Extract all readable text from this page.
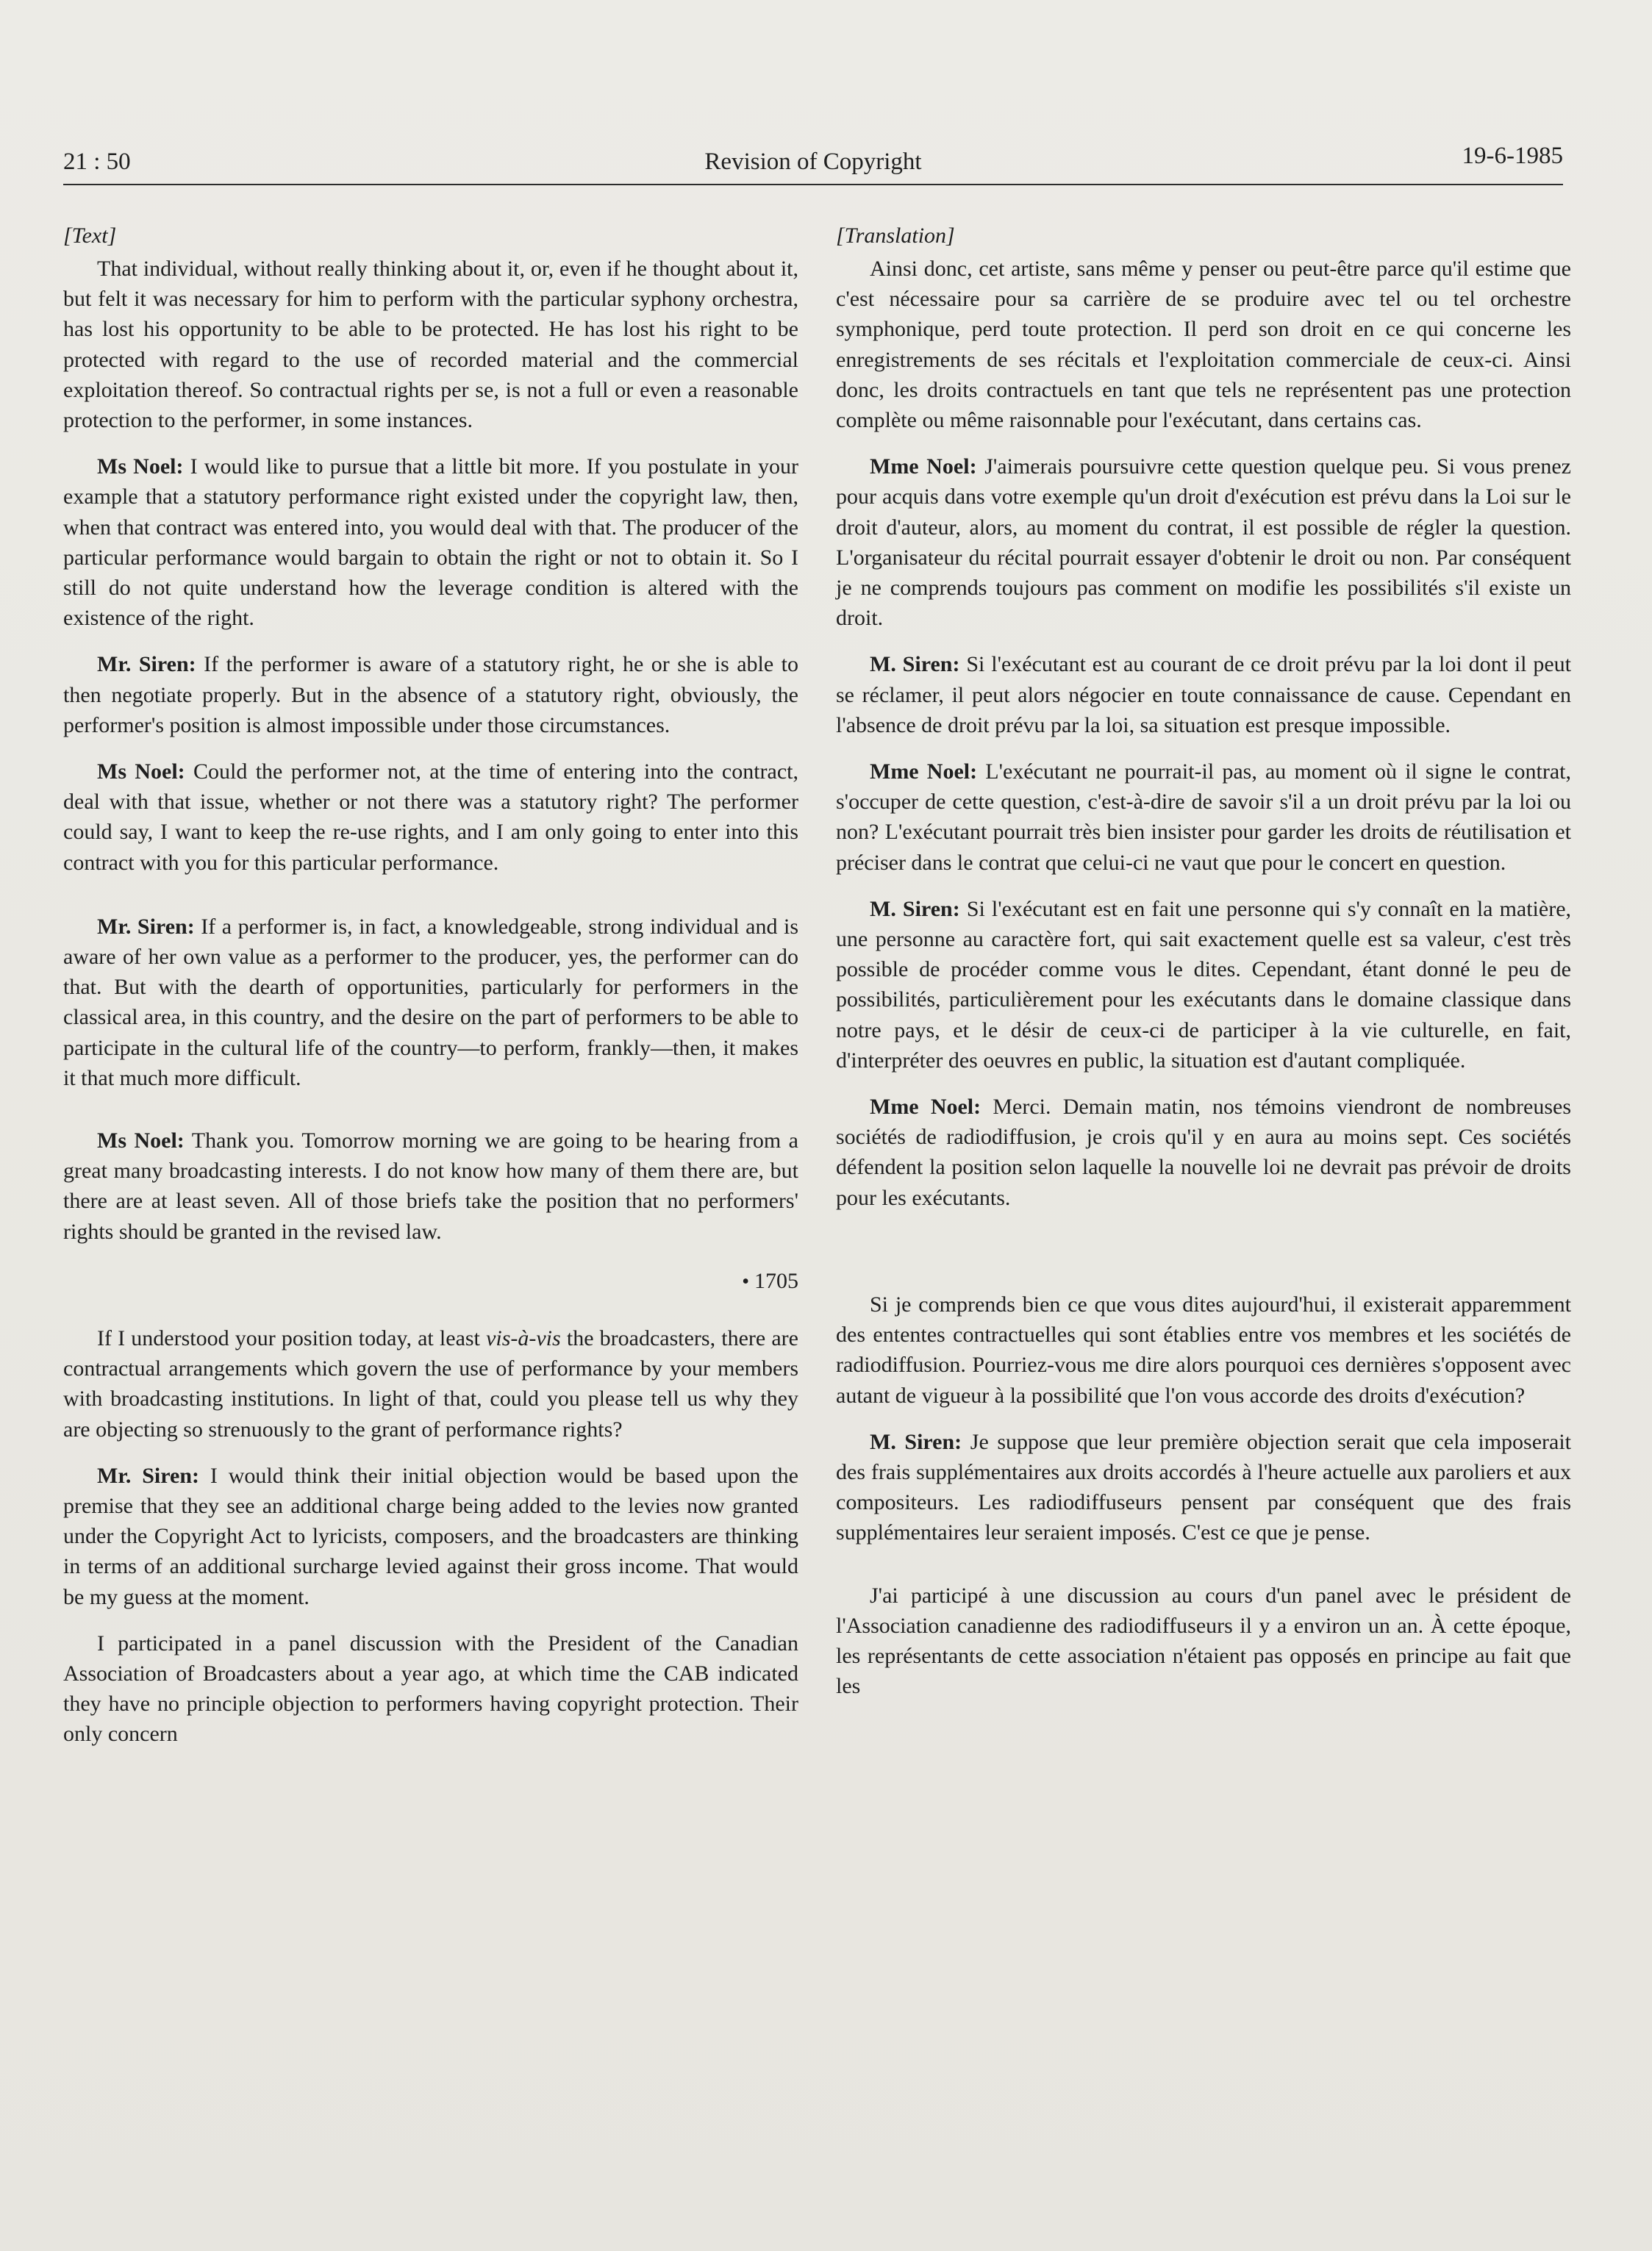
21 : 50	Revision of Copyright	19-6-1985
[Text]

That individual, without really thinking about it, or, even if he thought about it, but felt it was necessary for him to perform with the particular syphony orchestra, has lost his opportunity to be able to be protected. He has lost his right to be protected with regard to the use of recorded material and the commercial exploitation thereof. So contractual rights per se, is not a full or even a reasonable protection to the performer, in some instances.

Ms Noel: I would like to pursue that a little bit more. If you postulate in your example that a statutory performance right existed under the copyright law, then, when that contract was entered into, you would deal with that. The producer of the particular performance would bargain to obtain the right or not to obtain it. So I still do not quite understand how the leverage condition is altered with the existence of the right.

Mr. Siren: If the performer is aware of a statutory right, he or she is able to then negotiate properly. But in the absence of a statutory right, obviously, the performer's position is almost impossible under those circumstances.

Ms Noel: Could the performer not, at the time of entering into the contract, deal with that issue, whether or not there was a statutory right? The performer could say, I want to keep the re-use rights, and I am only going to enter into this contract with you for this particular performance.

Mr. Siren: If a performer is, in fact, a knowledgeable, strong individual and is aware of her own value as a performer to the producer, yes, the performer can do that. But with the dearth of opportunities, particularly for performers in the classical area, in this country, and the desire on the part of performers to be able to participate in the cultural life of the country—to perform, frankly—then, it makes it that much more difficult.

Ms Noel: Thank you. Tomorrow morning we are going to be hearing from a great many broadcasting interests. I do not know how many of them there are, but there are at least seven. All of those briefs take the position that no performers' rights should be granted in the revised law.

• 1705

If I understood your position today, at least vis-à-vis the broadcasters, there are contractual arrangements which govern the use of performance by your members with broadcasting institutions. In light of that, could you please tell us why they are objecting so strenuously to the grant of performance rights?

Mr. Siren: I would think their initial objection would be based upon the premise that they see an additional charge being added to the levies now granted under the Copyright Act to lyricists, composers, and the broadcasters are thinking in terms of an additional surcharge levied against their gross income. That would be my guess at the moment.

I participated in a panel discussion with the President of the Canadian Association of Broadcasters about a year ago, at which time the CAB indicated they have no principle objection to performers having copyright protection. Their only concern

[Translation]

Ainsi donc, cet artiste, sans même y penser ou peut-être parce qu'il estime que c'est nécessaire pour sa carrière de se produire avec tel ou tel orchestre symphonique, perd toute protection. Il perd son droit en ce qui concerne les enregistrements de ses récitals et l'exploitation commerciale de ceux-ci. Ainsi donc, les droits contractuels en tant que tels ne représentent pas une protection complète ou même raisonnable pour l'exécutant, dans certains cas.

Mme Noel: J'aimerais poursuivre cette question quelque peu. Si vous prenez pour acquis dans votre exemple qu'un droit d'exécution est prévu dans la Loi sur le droit d'auteur, alors, au moment du contrat, il est possible de régler la question. L'organisateur du récital pourrait essayer d'obtenir le droit ou non. Par conséquent je ne comprends toujours pas comment on modifie les possibilités s'il existe un droit.

M. Siren: Si l'exécutant est au courant de ce droit prévu par la loi dont il peut se réclamer, il peut alors négocier en toute connaissance de cause. Cependant en l'absence de droit prévu par la loi, sa situation est presque impossible.

Mme Noel: L'exécutant ne pourrait-il pas, au moment où il signe le contrat, s'occuper de cette question, c'est-à-dire de savoir s'il a un droit prévu par la loi ou non? L'exécutant pourrait très bien insister pour garder les droits de réutilisation et préciser dans le contrat que celui-ci ne vaut que pour le concert en question.

M. Siren: Si l'exécutant est en fait une personne qui s'y connaît en la matière, une personne au caractère fort, qui sait exactement quelle est sa valeur, c'est très possible de procéder comme vous le dites. Cependant, étant donné le peu de possibilités, particulièrement pour les exécutants dans le domaine classique dans notre pays, et le désir de ceux-ci de participer à la vie culturelle, en fait, d'interpréter des oeuvres en public, la situation est d'autant compliquée.

Mme Noel: Merci. Demain matin, nos témoins viendront de nombreuses sociétés de radiodiffusion, je crois qu'il y en aura au moins sept. Ces sociétés défendent la position selon laquelle la nouvelle loi ne devrait pas prévoir de droits pour les exécutants.

Si je comprends bien ce que vous dites aujourd'hui, il existerait apparemment des ententes contractuelles qui sont établies entre vos membres et les sociétés de radiodiffusion. Pourriez-vous me dire alors pourquoi ces dernières s'opposent avec autant de vigueur à la possibilité que l'on vous accorde des droits d'exécution?

M. Siren: Je suppose que leur première objection serait que cela imposerait des frais supplémentaires aux droits accordés à l'heure actuelle aux paroliers et aux compositeurs. Les radiodiffuseurs pensent par conséquent que des frais supplémentaires leur seraient imposés. C'est ce que je pense.

J'ai participé à une discussion au cours d'un panel avec le président de l'Association canadienne des radiodiffuseurs il y a environ un an. À cette époque, les représentants de cette association n'étaient pas opposés en principe au fait que les
